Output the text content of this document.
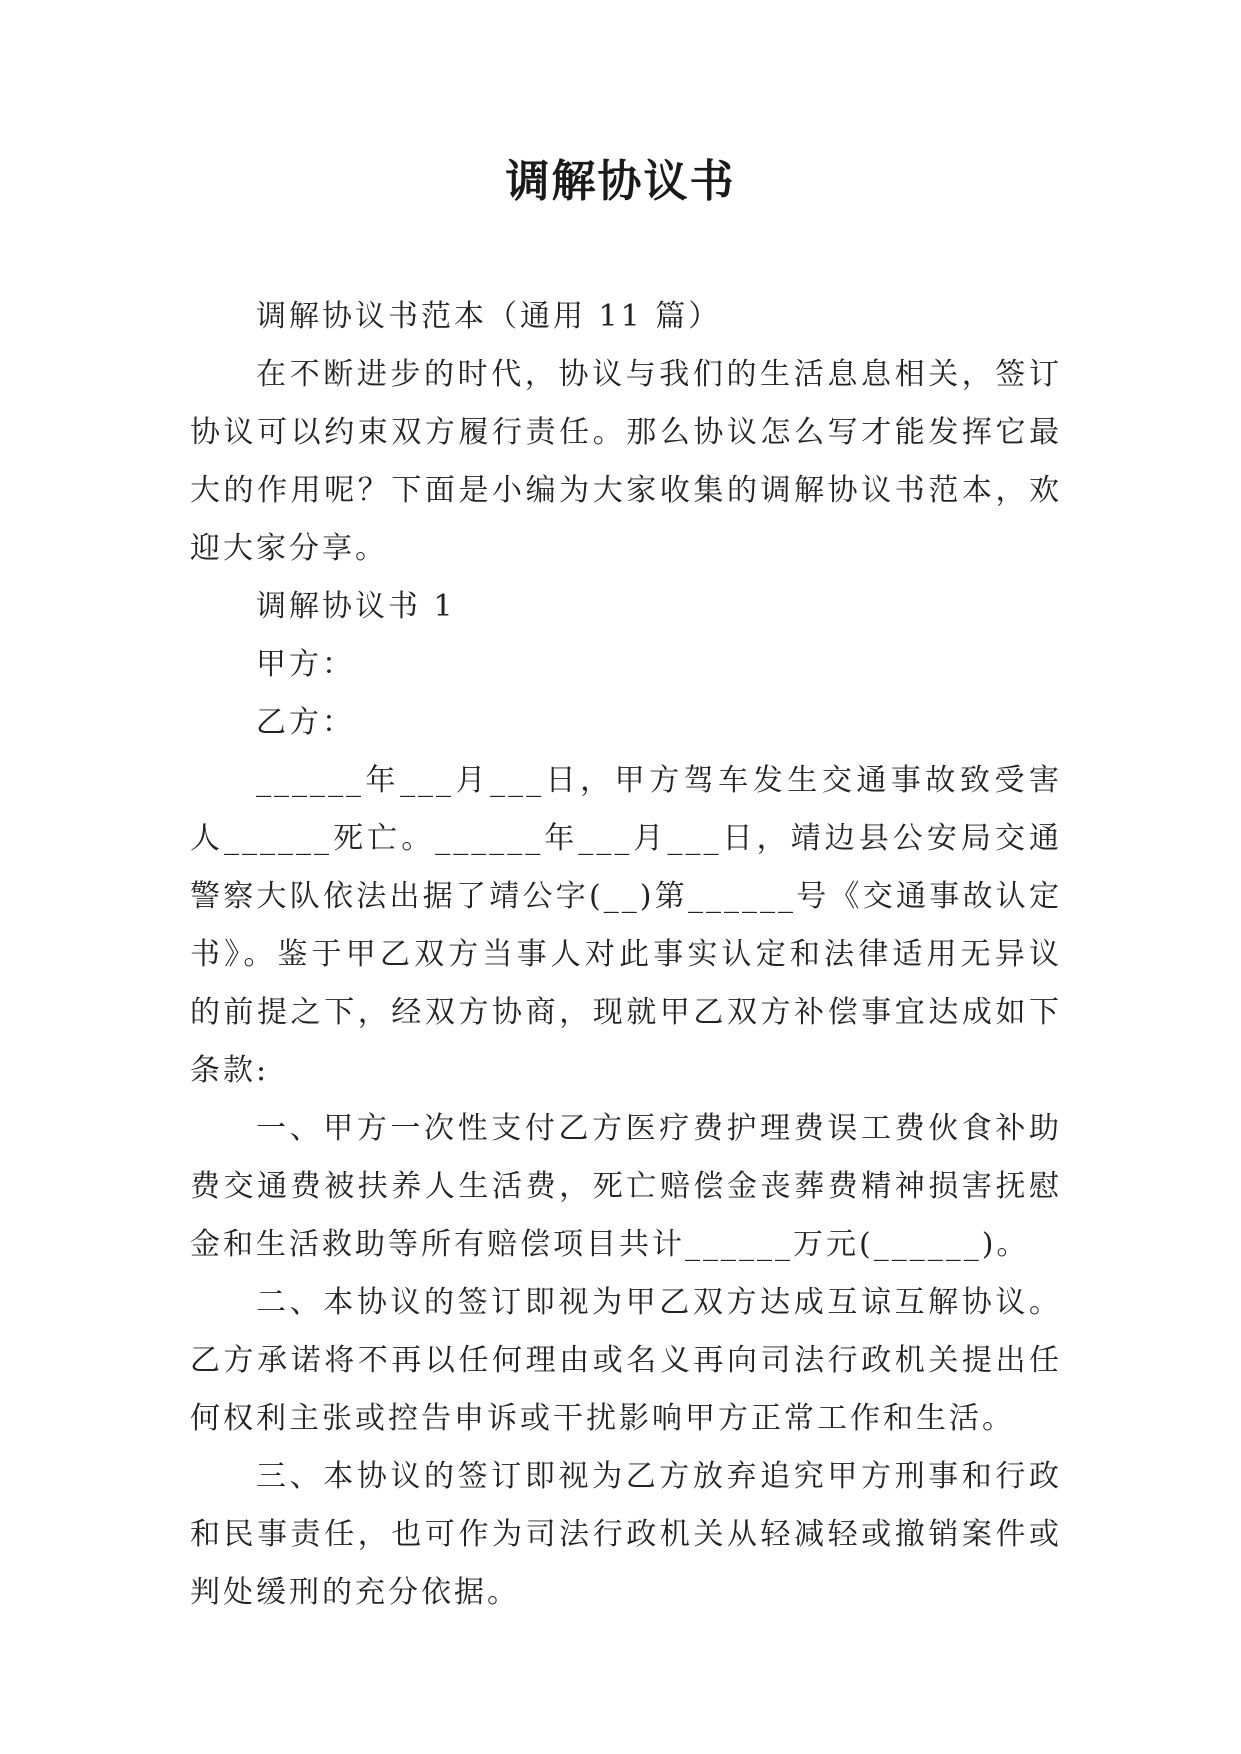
调解协议书

调解协议书范本（通用 11 篇）

在不断进步的时代，协议与我们的生活息息相关，签订协议可以约束双方履行责任。那么协议怎么写才能发挥它最大的作用呢？下面是小编为大家收集的调解协议书范本，欢迎大家分享。

调解协议书 1

甲方：

乙方：

______年___月___日，甲方驾车发生交通事故致受害人______死亡。______年___月___日，靖边县公安局交通警察大队依法出据了靖公字(__)第______号《交通事故认定书》。鉴于甲乙双方当事人对此事实认定和法律适用无异议的前提之下，经双方协商，现就甲乙双方补偿事宜达成如下条款:

一、甲方一次性支付乙方医疗费护理费误工费伙食补助费交通费被扶养人生活费，死亡赔偿金丧葬费精神损害抚慰金和生活救助等所有赔偿项目共计______万元(______)。

二、本协议的签订即视为甲乙双方达成互谅互解协议。乙方承诺将不再以任何理由或名义再向司法行政机关提出任何权利主张或控告申诉或干扰影响甲方正常工作和生活。

三、本协议的签订即视为乙方放弃追究甲方刑事和行政和民事责任，也可作为司法行政机关从轻减轻或撤销案件或判处缓刑的充分依据。
